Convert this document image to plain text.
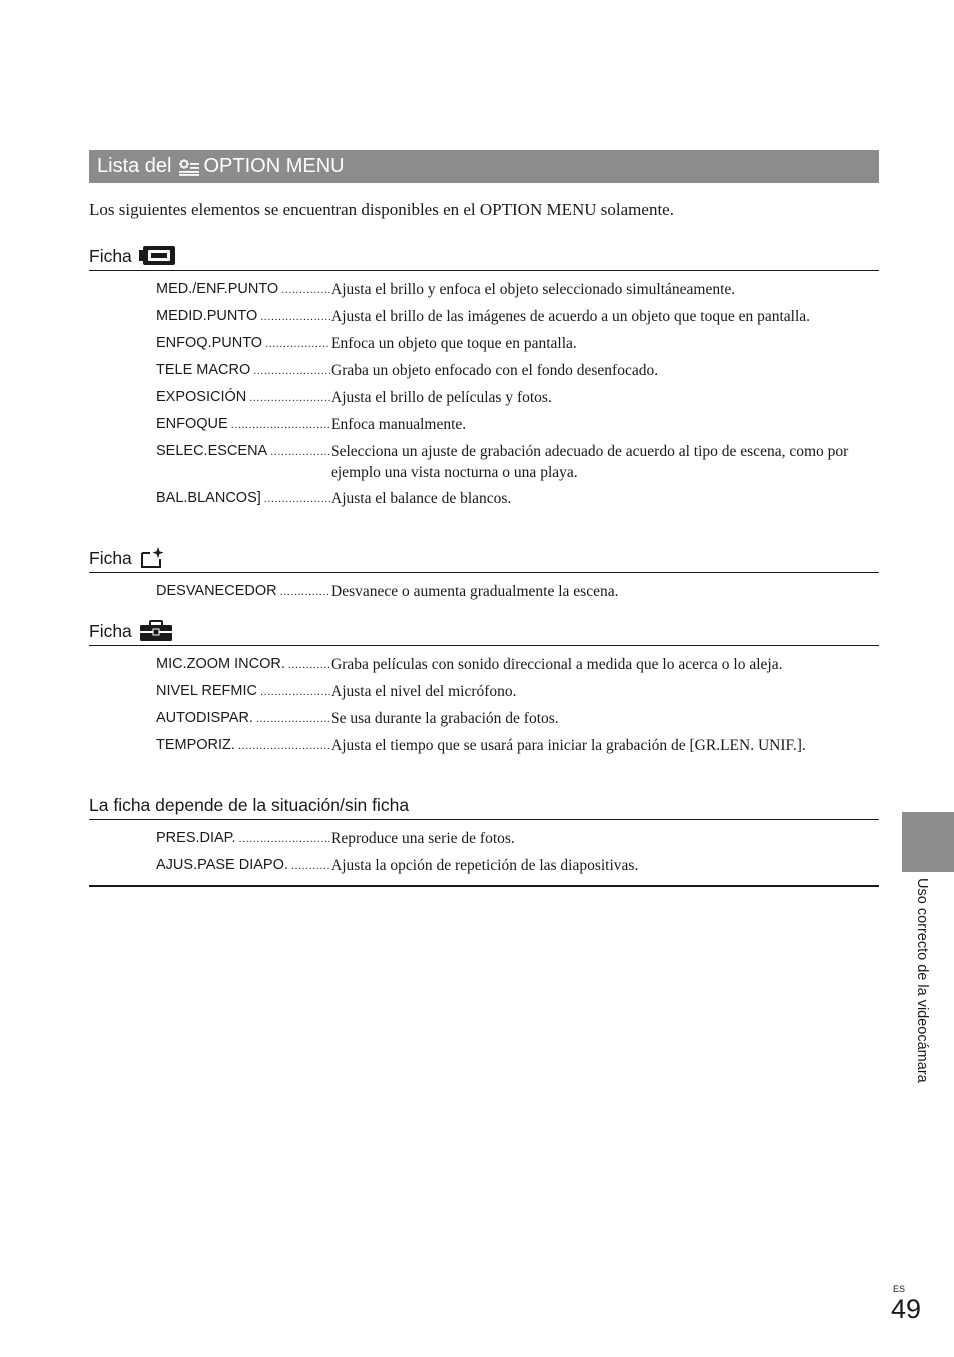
Lista del OPTION MENU
Los siguientes elementos se encuentran disponibles en el OPTION MENU solamente.
Ficha
MED./ENF.PUNTO .....	Ajusta el brillo y enfoca el objeto seleccionado simultáneamente.
MEDID.PUNTO .....	Ajusta el brillo de las imágenes de acuerdo a un objeto que toque en pantalla.
ENFOQ.PUNTO .....	Enfoca un objeto que toque en pantalla.
TELE MACRO .....	Graba un objeto enfocado con el fondo desenfocado.
EXPOSICIÓN .....	Ajusta el brillo de películas y fotos.
ENFOQUE .....	Enfoca manualmente.
SELEC.ESCENA .....	Selecciona un ajuste de grabación adecuado de acuerdo al tipo de escena, como por ejemplo una vista nocturna o una playa.
BAL.BLANCOS] .....	Ajusta el balance de blancos.
Ficha
DESVANECEDOR .....	Desvanece o aumenta gradualmente la escena.
Ficha
MIC.ZOOM INCOR. .....	Graba películas con sonido direccional a medida que lo acerca o lo aleja.
NIVEL REFMIC .....	Ajusta el nivel del micrófono.
AUTODISPAR. .....	Se usa durante la grabación de fotos.
TEMPORIZ. .....	Ajusta el tiempo que se usará para iniciar la grabación de [GR.LEN. UNIF.].
La ficha depende de la situación/sin ficha
PRES.DIAP. .....	Reproduce una serie de fotos.
AJUS.PASE DIAPO. .....	Ajusta la opción de repetición de las diapositivas.
Uso correcto de la videocámara
ES
49
